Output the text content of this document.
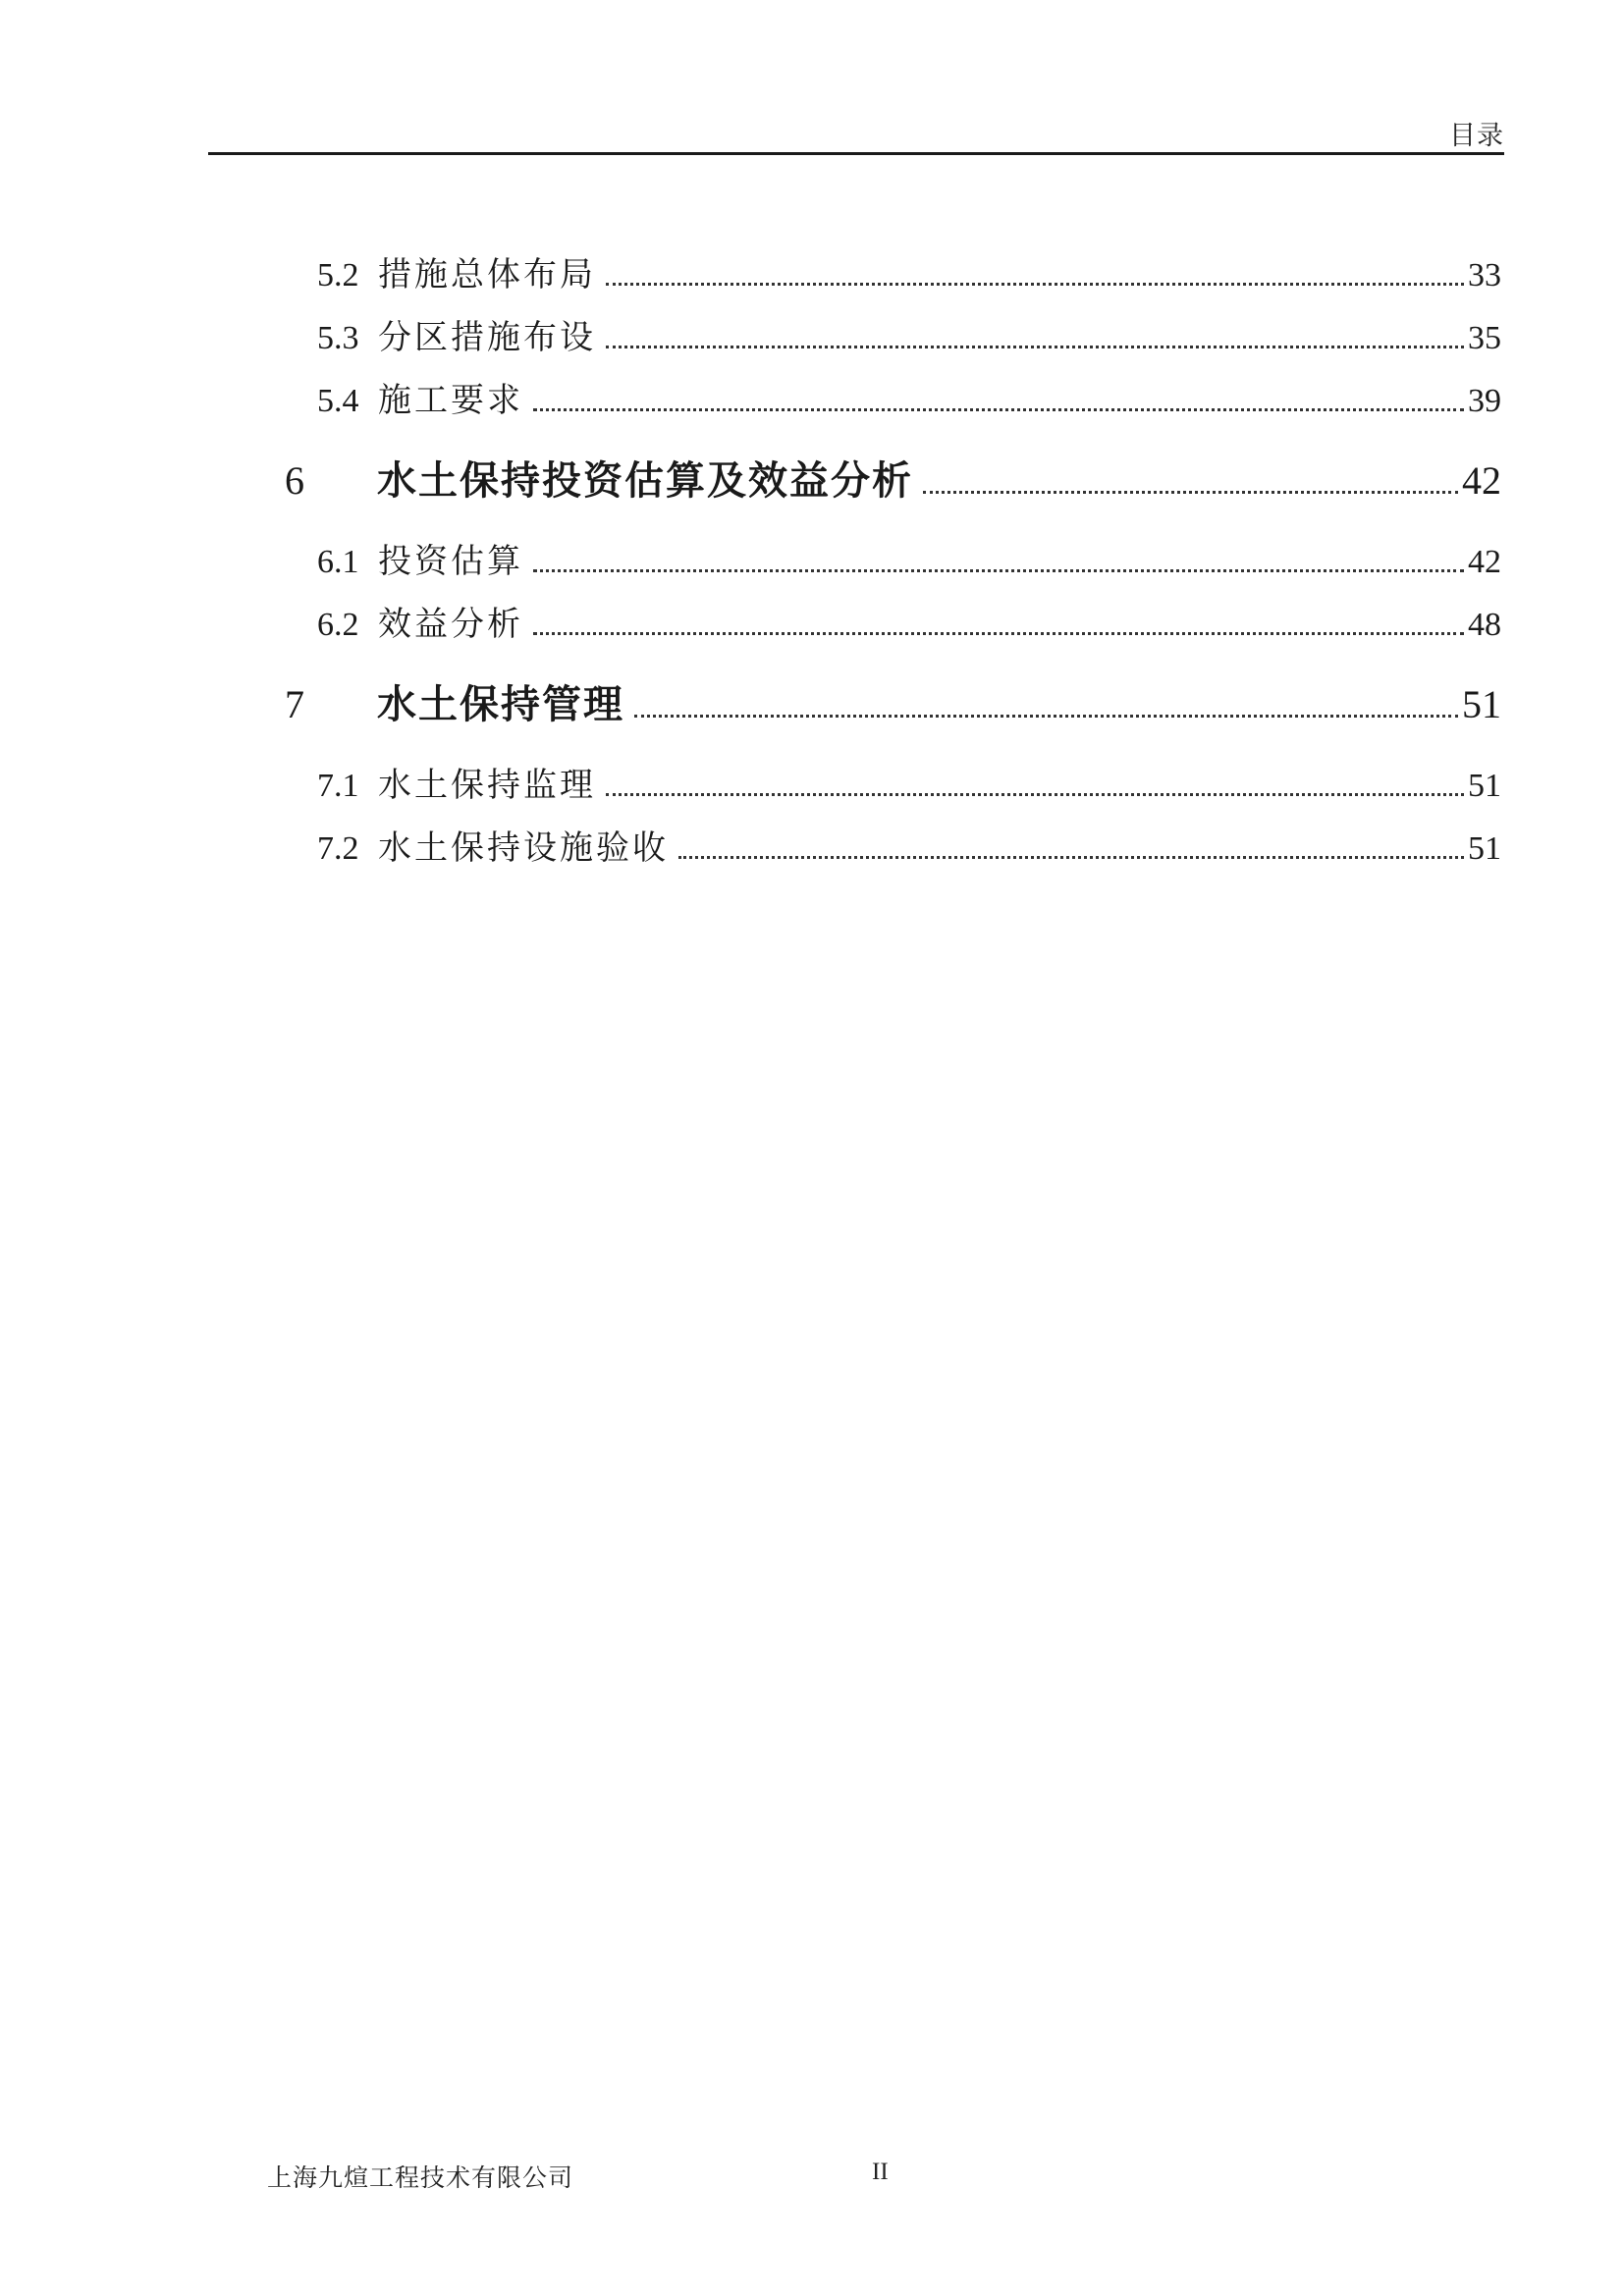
目录
5.2 措施总体布局	33
5.3 分区措施布设	35
5.4 施工要求	39
6	水土保持投资估算及效益分析	42
6.1 投资估算	42
6.2 效益分析	48
7	水土保持管理	51
7.1 水土保持监理	51
7.2 水土保持设施验收	51
上海九煊工程技术有限公司	II
